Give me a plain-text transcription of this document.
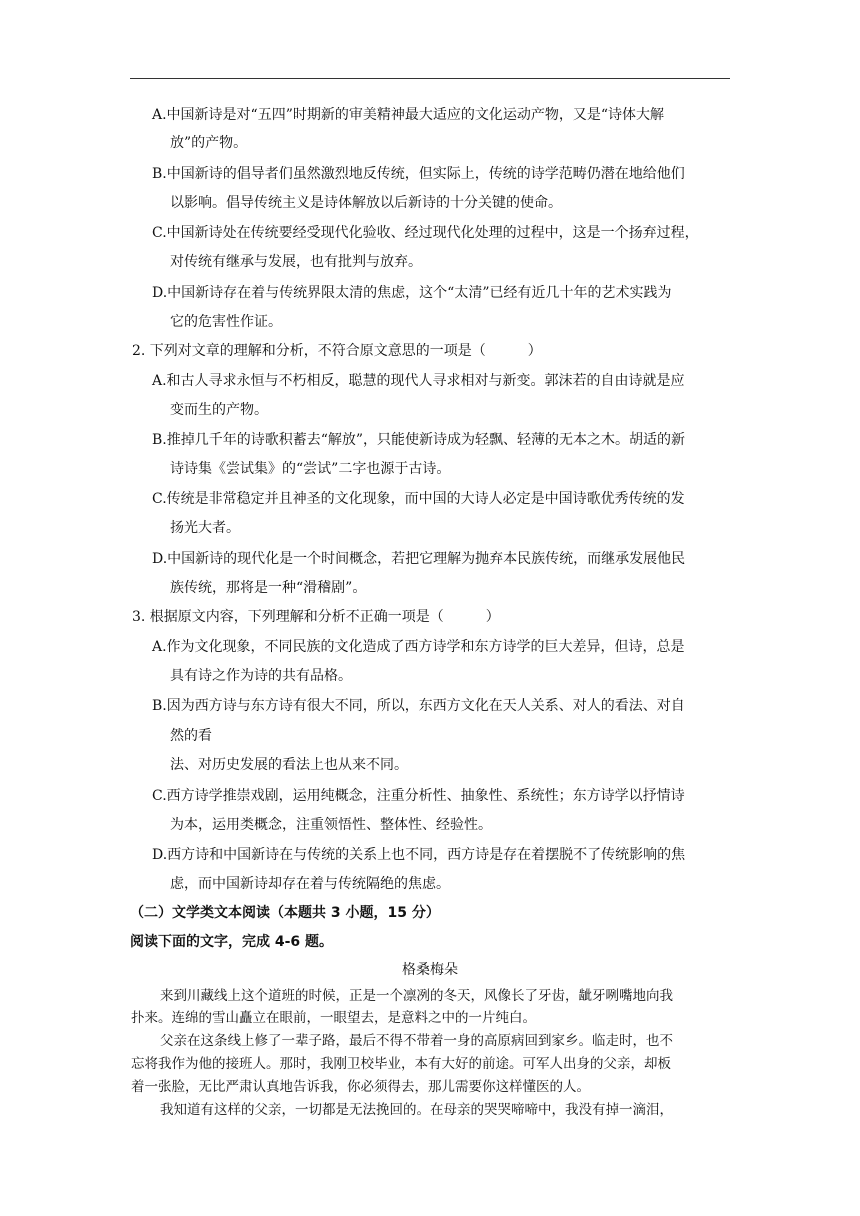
A.中国新诗是对“五四”时期新的审美精神最大适应的文化运动产物，又是“诗体大解
放”的产物。
B.中国新诗的倡导者们虽然激烈地反传统，但实际上，传统的诗学范畴仍潜在地给他们
以影响。倡导传统主义是诗体解放以后新诗的十分关键的使命。
C.中国新诗处在传统要经受现代化验收、经过现代化处理的过程中，这是一个扬弃过程，
对传统有继承与发展，也有批判与放弃。
D.中国新诗存在着与传统界限太清的焦虑，这个“太清”已经有近几十年的艺术实践为
它的危害性作证。
2. 下列对文章的理解和分析，不符合原文意思的一项是（　　　）
A.和古人寻求永恒与不朽相反，聪慧的现代人寻求相对与新变。郭沫若的自由诗就是应
变而生的产物。
B.推掉几千年的诗歌积蓄去“解放”，只能使新诗成为轻飘、轻薄的无本之木。胡适的新
诗诗集《尝试集》的“尝试”二字也源于古诗。
C.传统是非常稳定并且神圣的文化现象，而中国的大诗人必定是中国诗歌优秀传统的发
扬光大者。
D.中国新诗的现代化是一个时间概念，若把它理解为抛弃本民族传统，而继承发展他民
族传统，那将是一种“滑稽剧”。
3. 根据原文内容，下列理解和分析不正确一项是（　　　）
A.作为文化现象，不同民族的文化造成了西方诗学和东方诗学的巨大差异，但诗，总是
具有诗之作为诗的共有品格。
B.因为西方诗与东方诗有很大不同，所以，东西方文化在天人关系、对人的看法、对自
然的看
法、对历史发展的看法上也从来不同。
C.西方诗学推崇戏剧，运用纯概念，注重分析性、抽象性、系统性；东方诗学以抒情诗
为本，运用类概念，注重领悟性、整体性、经验性。
D.西方诗和中国新诗在与传统的关系上也不同，西方诗是存在着摆脱不了传统影响的焦
虑，而中国新诗却存在着与传统隔绝的焦虑。
（二）文学类文本阅读（本题共 3 小题，15 分）
阅读下面的文字，完成 4-6 题。
格桑梅朵
来到川藏线上这个道班的时候，正是一个凛冽的冬天，风像长了牙齿，龇牙咧嘴地向我
扑来。连绵的雪山矗立在眼前，一眼望去，是意料之中的一片纯白。
父亲在这条线上修了一辈子路，最后不得不带着一身的高原病回到家乡。临走时，也不
忘将我作为他的接班人。那时，我刚卫校毕业，本有大好的前途。可军人出身的父亲，却板
着一张脸，无比严肃认真地告诉我，你必须得去，那儿需要你这样懂医的人。
我知道有这样的父亲，一切都是无法挽回的。在母亲的哭哭啼啼中，我没有掉一滴泪，
